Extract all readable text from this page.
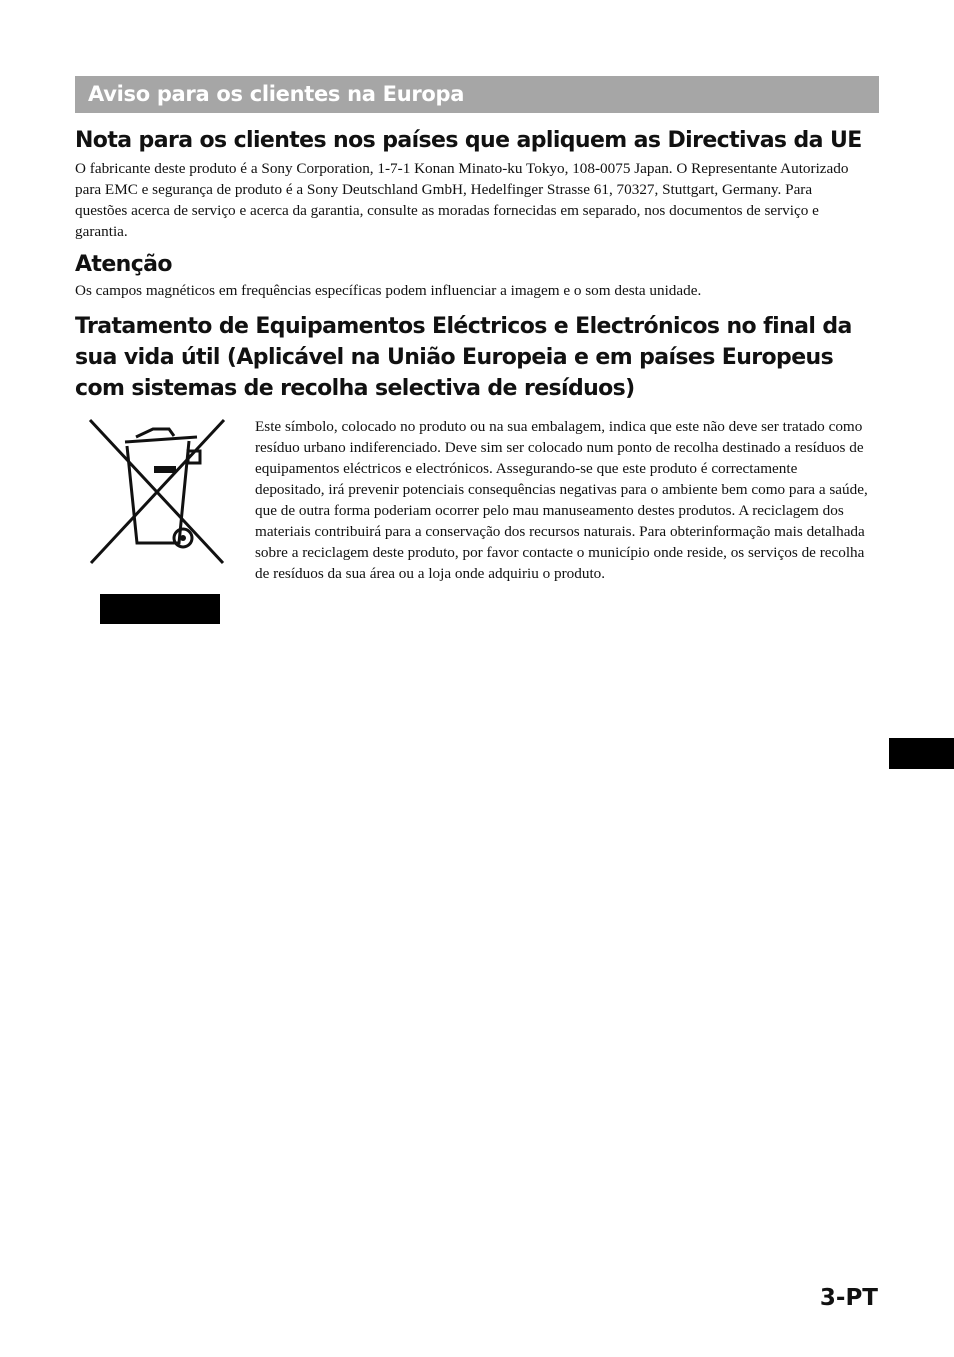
Aviso para os clientes na Europa
Nota para os clientes nos países que apliquem as Directivas da UE
O fabricante deste produto é a Sony Corporation, 1-7-1 Konan Minato-ku Tokyo, 108-0075 Japan. O Representante Autorizado para EMC e segurança de produto é a Sony Deutschland GmbH, Hedelfinger Strasse 61, 70327, Stuttgart, Germany. Para questões acerca de serviço e acerca da garantia, consulte as moradas fornecidas em separado, nos documentos de serviço e garantia.
Atenção
Os campos magnéticos em frequências específicas podem influenciar a imagem e o som desta unidade.
Tratamento de Equipamentos Eléctricos e Electrónicos no final da sua vida útil (Aplicável na União Europeia e em países Europeus com sistemas de recolha selectiva de resíduos)
Este símbolo, colocado no produto ou na sua embalagem, indica que este não deve ser tratado como resíduo urbano indiferenciado. Deve sim ser colocado num ponto de recolha destinado a resíduos de equipamentos eléctricos e electrónicos. Assegurando-se que este produto é correctamente depositado, irá prevenir potenciais consequências negativas para o ambiente bem como para a saúde, que de outra forma poderiam ocorrer pelo mau manuseamento destes produtos. A reciclagem dos materiais contribuirá para a conservação dos recursos naturais. Para obterinformação mais detalhada sobre a reciclagem deste produto, por favor contacte o município onde reside, os serviços de recolha de resíduos da sua área ou a loja onde adquiriu o produto.
3-PT
